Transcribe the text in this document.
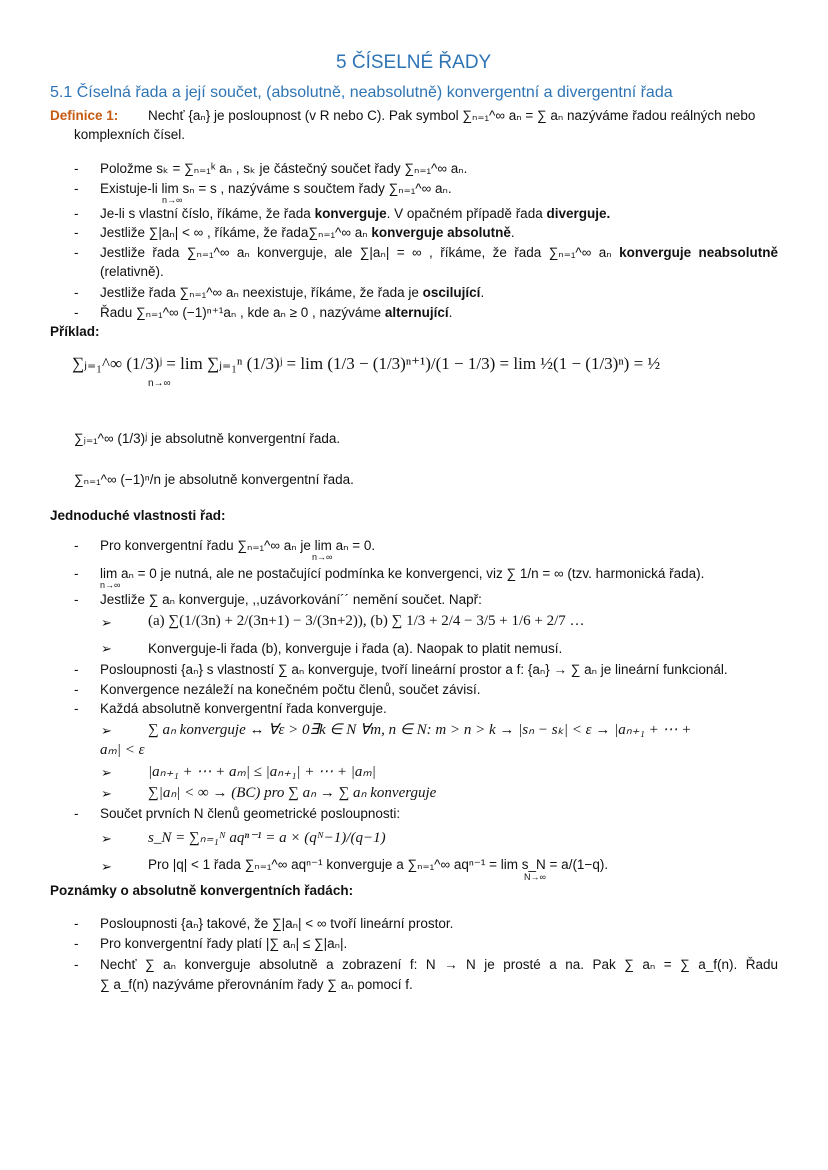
5 ČÍSELNÉ ŘADY
5.1 Číselná řada a její součet, (absolutně, neabsolutně) konvergentní a divergentní řada
Definice 1: Nechť {aₙ} je posloupnost (v R nebo C). Pak symbol ∑ₙ₌₁^∞ aₙ = ∑ aₙ nazýváme řadou reálných nebo
komplexních čísel.
- Položme sₖ = ∑ₙ₌₁ᵏ aₙ , sₖ je částečný součet řady ∑ₙ₌₁^∞ aₙ.
- Existuje-li lim sₙ = s , nazýváme s součtem řady ∑ₙ₌₁^∞ aₙ.
n→∞
- Je-li s vlastní číslo, říkáme, že řada konverguje. V opačném případě řada diverguje.
- Jestliže ∑|aₙ| < ∞ , říkáme, že řada∑ₙ₌₁^∞ aₙ konverguje absolutně.
- Jestliže řada ∑ₙ₌₁^∞ aₙ konverguje, ale ∑|aₙ| = ∞ , říkáme, že řada ∑ₙ₌₁^∞ aₙ konverguje neabsolutně
(relativně).
- Jestliže řada ∑ₙ₌₁^∞ aₙ neexistuje, říkáme, že řada je oscilující.
- Řadu ∑ₙ₌₁^∞ (−1)ⁿ⁺¹aₙ , kde aₙ ≥ 0 , nazýváme alternující.
Příklad:
∑ⱼ₌₁^∞ (1/3)ʲ = lim ∑ⱼ₌₁ⁿ (1/3)ʲ = lim (1/3 − (1/3)ⁿ⁺¹)/(1 − 1/3) = lim ½(1 − (1/3)ⁿ) = ½
n→∞
∑ⱼ₌₁^∞ (1/3)ʲ je absolutně konvergentní řada.
∑ₙ₌₁^∞ (−1)ⁿ/n je absolutně konvergentní řada.
Jednoduché vlastnosti řad:
- Pro konvergentní řadu ∑ₙ₌₁^∞ aₙ je lim aₙ = 0.
n→∞
- lim aₙ = 0 je nutná, ale ne postačující podmínka ke konvergenci, viz ∑ 1/n = ∞ (tzv. harmonická řada).
n→∞
- Jestliže ∑ aₙ konverguje, ,,uzávorkování´´ nemění součet. Např:
➢ (a) ∑(1/(3n) + 2/(3n+1) − 3/(3n+2)), (b) ∑ 1/3 + 2/4 − 3/5 + 1/6 + 2/7 …
➢	Konverguje-li řada (b), konverguje i řada (a). Naopak to platit nemusí.
- Posloupnosti {aₙ} s vlastností ∑ aₙ konverguje, tvoří lineární prostor a f: {aₙ} → ∑ aₙ je lineární funkcionál.
- Konvergence nezáleží na konečném počtu členů, součet závisí.
- Každá absolutně konvergentní řada konverguje.
➢ ∑ aₙ konverguje ↔ ∀ε > 0∃k ∈ N ∀m, n ∈ N: m > n > k → |sₙ − sₖ| < ε → |aₙ₊₁ + ⋯ +
aₘ| < ε
➢ |aₙ₊₁ + ⋯ + aₘ| ≤ |aₙ₊₁| + ⋯ + |aₘ|
➢ ∑|aₙ| < ∞ → (BC) pro ∑ aₙ → ∑ aₙ konverguje
- Součet prvních N členů geometrické posloupnosti:
➢ s_N = ∑ₙ₌₁ᴺ aqⁿ⁻¹ = a × (qᴺ−1)/(q−1)
➢	Pro |q| < 1 řada ∑ₙ₌₁^∞ aqⁿ⁻¹ konverguje a ∑ₙ₌₁^∞ aqⁿ⁻¹ = lim s_N = a/(1−q).
N→∞
Poznámky o absolutně konvergentních řadách:
- Posloupnosti {aₙ} takové, že ∑|aₙ| < ∞ tvoří lineární prostor.
- Pro konvergentní řady platí |∑ aₙ| ≤ ∑|aₙ|.
- Nechť ∑ aₙ konverguje absolutně a zobrazení f: N → N je prosté a na. Pak ∑ aₙ = ∑ a_f(n). Řadu
∑ a_f(n) nazýváme přerovnáním řady ∑ aₙ pomocí f.
